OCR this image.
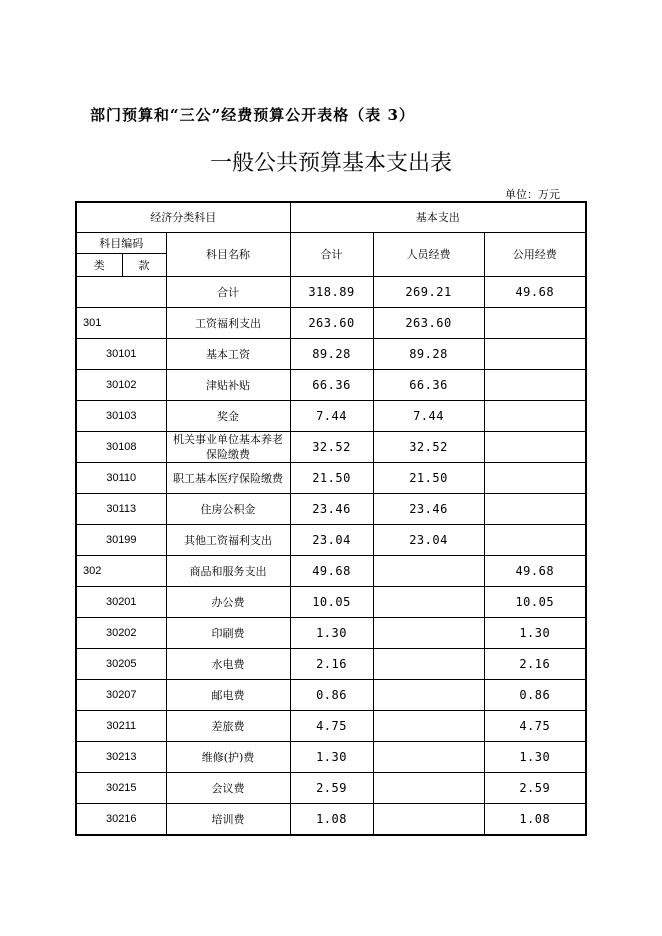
部门预算和“三公”经费预算公开表格（表 3）
一般公共预算基本支出表
单位：万元
经济分类科目			基本支出		
科目编码		科目名称	合计	人员经费	公用经费
类	款				
		合计	318.89	269.21	49.68
301		工资福利支出	263.60	263.60	
30101		基本工资	89.28	89.28	
30102		津贴补贴	66.36	66.36	
30103		奖金	7.44	7.44	
30108		机关事业单位基本养老保险缴费	32.52	32.52	
30110		职工基本医疗保险缴费	21.50	21.50	
30113		住房公积金	23.46	23.46	
30199		其他工资福利支出	23.04	23.04	
302		商品和服务支出	49.68		49.68
30201		办公费	10.05		10.05
30202		印刷费	1.30		1.30
30205		水电费	2.16		2.16
30207		邮电费	0.86		0.86
30211		差旅费	4.75		4.75
30213		维修(护)费	1.30		1.30
30215		会议费	2.59		2.59
30216		培训费	1.08		1.08
